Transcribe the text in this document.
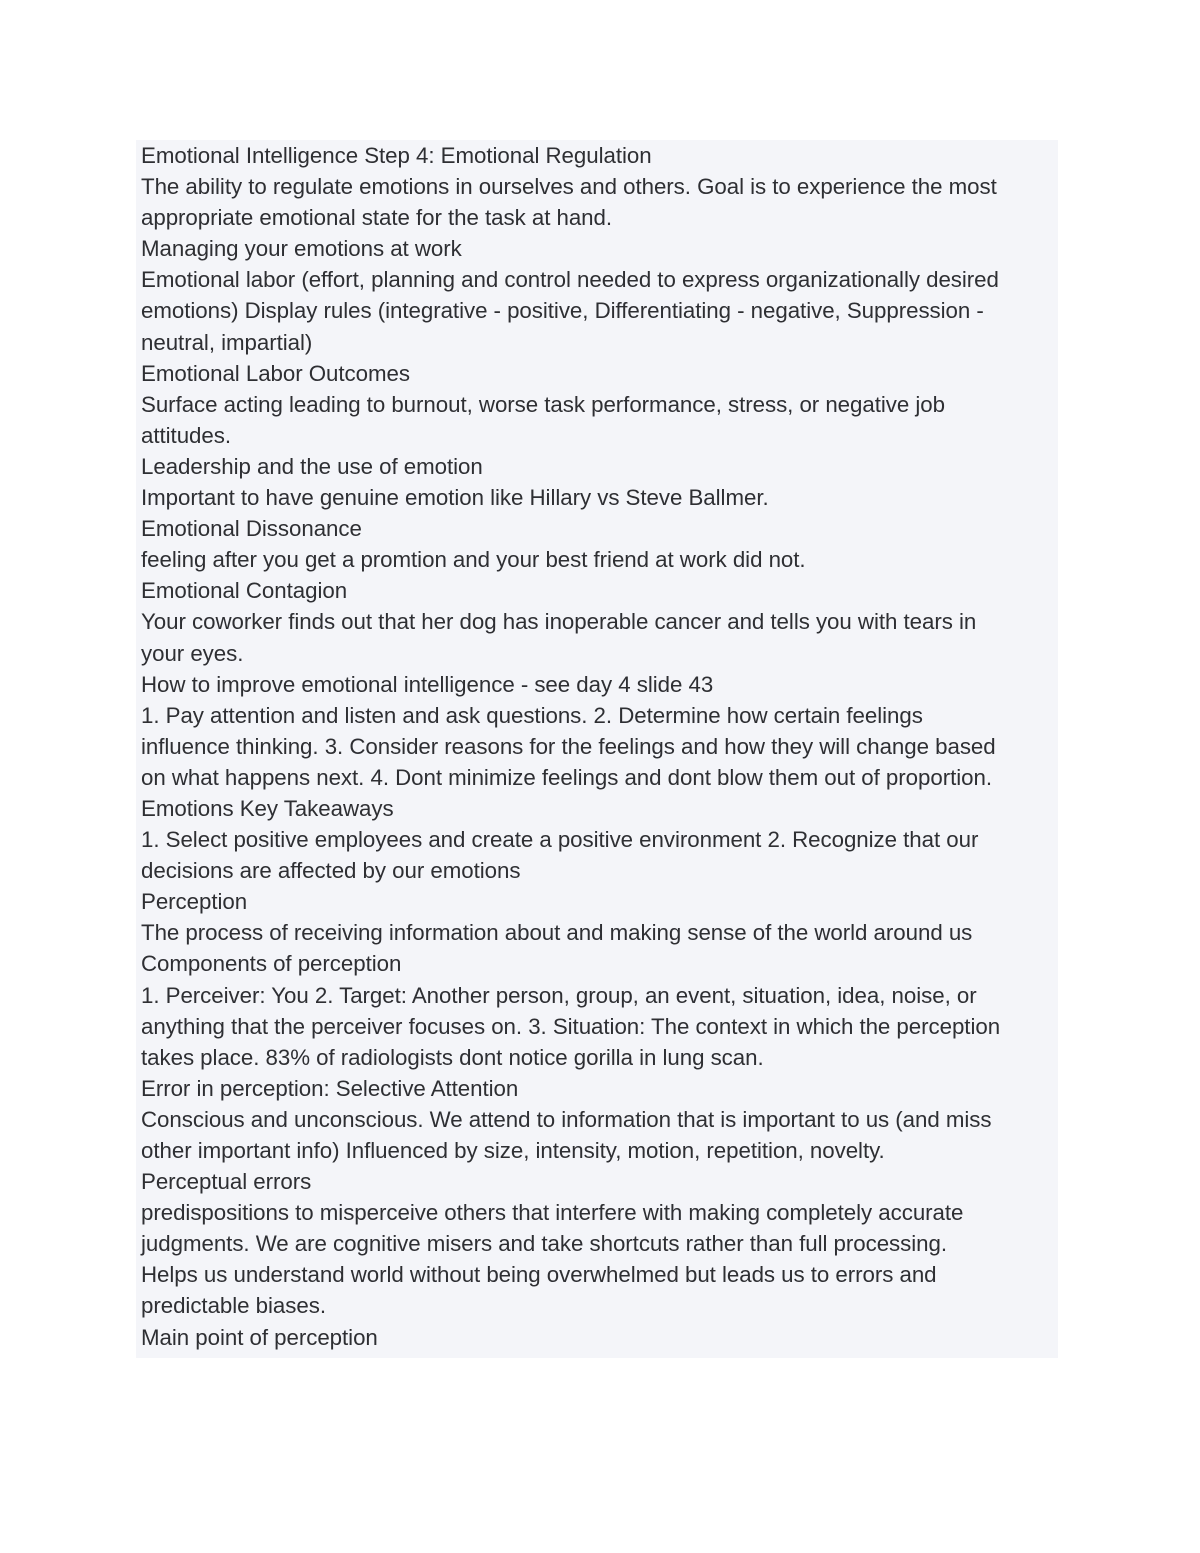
Emotional Intelligence Step 4: Emotional Regulation
The ability to regulate emotions in ourselves and others. Goal is to experience the most
appropriate emotional state for the task at hand.
Managing your emotions at work
Emotional labor (effort, planning and control needed to express organizationally desired
emotions) Display rules (integrative - positive, Differentiating - negative, Suppression -
neutral, impartial)
Emotional Labor Outcomes
Surface acting leading to burnout, worse task performance, stress, or negative job
attitudes.
Leadership and the use of emotion
Important to have genuine emotion like Hillary vs Steve Ballmer.
Emotional Dissonance
feeling after you get a promtion and your best friend at work did not.
Emotional Contagion
Your coworker finds out that her dog has inoperable cancer and tells you with tears in
your eyes.
How to improve emotional intelligence - see day 4 slide 43
1. Pay attention and listen and ask questions. 2. Determine how certain feelings
influence thinking. 3. Consider reasons for the feelings and how they will change based
on what happens next. 4. Dont minimize feelings and dont blow them out of proportion.
Emotions Key Takeaways
1. Select positive employees and create a positive environment 2. Recognize that our
decisions are affected by our emotions
Perception
The process of receiving information about and making sense of the world around us
Components of perception
1. Perceiver: You 2. Target: Another person, group, an event, situation, idea, noise, or
anything that the perceiver focuses on. 3. Situation: The context in which the perception
takes place. 83% of radiologists dont notice gorilla in lung scan.
Error in perception: Selective Attention
Conscious and unconscious. We attend to information that is important to us (and miss
other important info) Influenced by size, intensity, motion, repetition, novelty.
Perceptual errors
predispositions to misperceive others that interfere with making completely accurate
judgments. We are cognitive misers and take shortcuts rather than full processing.
Helps us understand world without being overwhelmed but leads us to errors and
predictable biases.
Main point of perception
